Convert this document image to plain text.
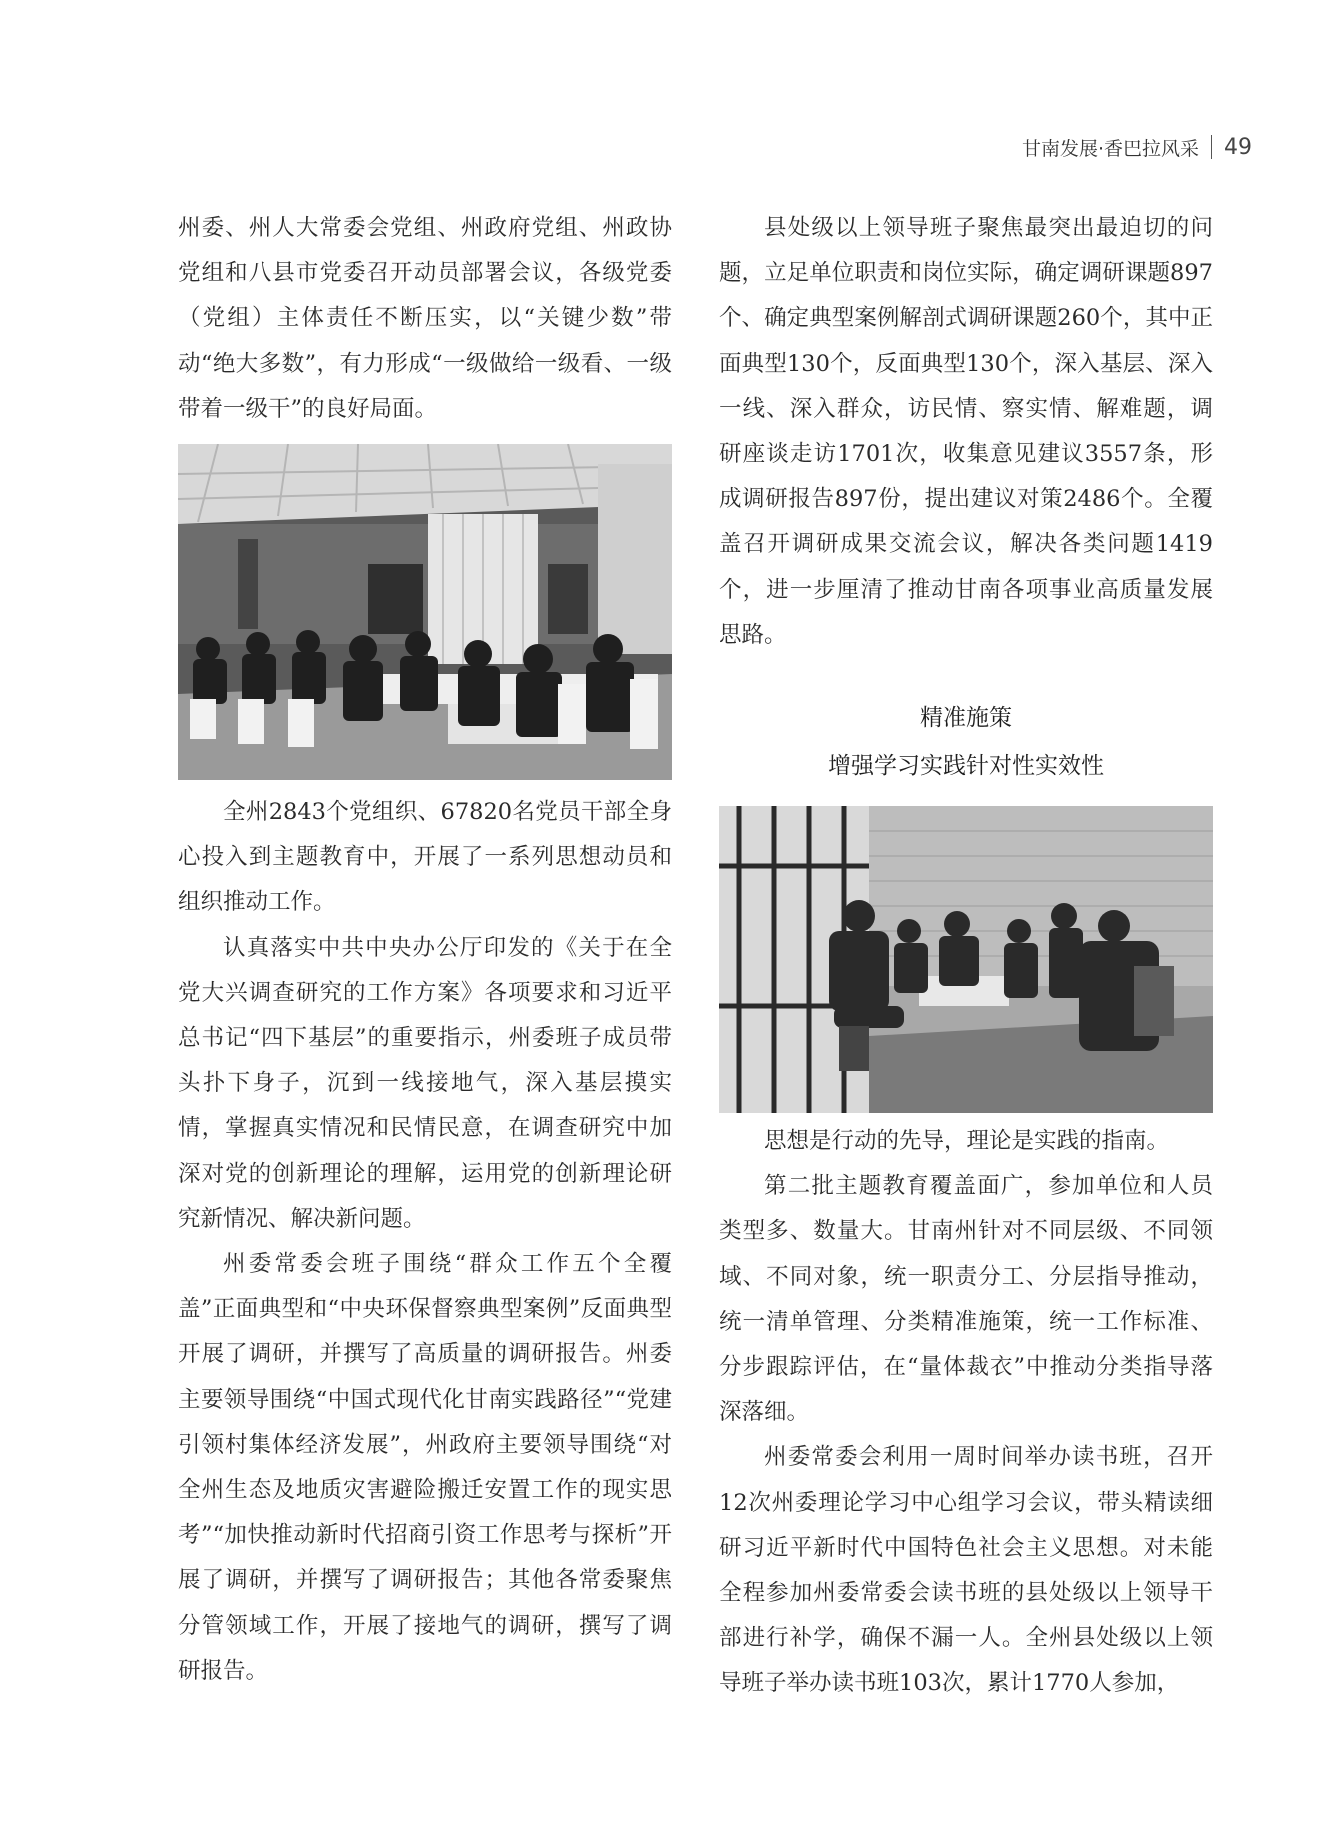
甘南发展·香巴拉风采 49

州委、州人大常委会党组、州政府党组、州政协党组和八县市党委召开动员部署会议，各级党委（党组）主体责任不断压实，以“关键少数”带动“绝大多数”，有力形成“一级做给一级看、一级带着一级干”的良好局面。

全州2843个党组织、67820名党员干部全身心投入到主题教育中，开展了一系列思想动员和组织推动工作。

认真落实中共中央办公厅印发的《关于在全党大兴调查研究的工作方案》各项要求和习近平总书记“四下基层”的重要指示，州委班子成员带头扑下身子，沉到一线接地气，深入基层摸实情，掌握真实情况和民情民意，在调查研究中加深对党的创新理论的理解，运用党的创新理论研究新情况、解决新问题。

州委常委会班子围绕“群众工作五个全覆盖”正面典型和“中央环保督察典型案例”反面典型开展了调研，并撰写了高质量的调研报告。州委主要领导围绕“中国式现代化甘南实践路径”“党建引领村集体经济发展”，州政府主要领导围绕“对全州生态及地质灾害避险搬迁安置工作的现实思考”“加快推动新时代招商引资工作思考与探析”开展了调研，并撰写了调研报告；其他各常委聚焦分管领域工作，开展了接地气的调研，撰写了调研报告。

县处级以上领导班子聚焦最突出最迫切的问题，立足单位职责和岗位实际，确定调研课题897个、确定典型案例解剖式调研课题260个，其中正面典型130个，反面典型130个，深入基层、深入一线、深入群众，访民情、察实情、解难题，调研座谈走访1701次，收集意见建议3557条，形成调研报告897份，提出建议对策2486个。全覆盖召开调研成果交流会议，解决各类问题1419个，进一步厘清了推动甘南各项事业高质量发展思路。

精准施策
增强学习实践针对性实效性

思想是行动的先导，理论是实践的指南。

第二批主题教育覆盖面广，参加单位和人员类型多、数量大。甘南州针对不同层级、不同领域、不同对象，统一职责分工、分层指导推动，统一清单管理、分类精准施策，统一工作标准、分步跟踪评估，在“量体裁衣”中推动分类指导落深落细。

州委常委会利用一周时间举办读书班，召开12次州委理论学习中心组学习会议，带头精读细研习近平新时代中国特色社会主义思想。对未能全程参加州委常委会读书班的县处级以上领导干部进行补学，确保不漏一人。全州县处级以上领导班子举办读书班103次，累计1770人参加，
